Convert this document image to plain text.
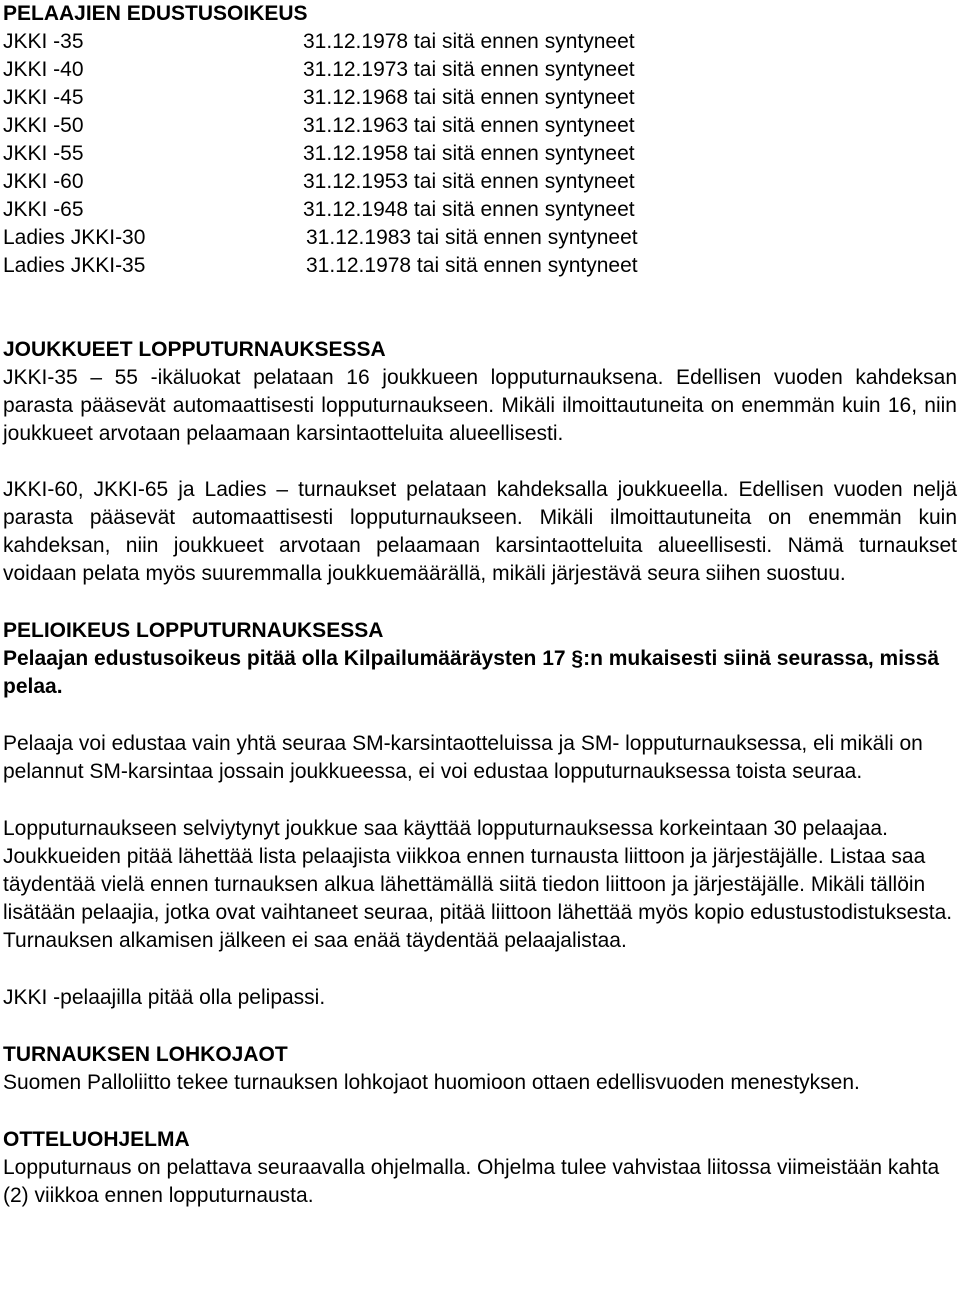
PELAAJIEN EDUSTUSOIKEUS
JKKI -35	31.12.1978 tai sitä ennen syntyneet
JKKI -40	31.12.1973 tai sitä ennen syntyneet
JKKI -45	31.12.1968 tai sitä ennen syntyneet
JKKI -50	31.12.1963 tai sitä ennen syntyneet
JKKI -55	31.12.1958 tai sitä ennen syntyneet
JKKI -60	31.12.1953 tai sitä ennen syntyneet
JKKI -65	31.12.1948 tai sitä ennen syntyneet
Ladies JKKI-30	31.12.1983 tai sitä ennen syntyneet
Ladies JKKI-35	31.12.1978 tai sitä ennen syntyneet
JOUKKUEET LOPPUTURNAUKSESSA

JKKI-35 – 55 -ikäluokat pelataan 16 joukkueen lopputurnauksena. Edellisen vuoden kahdeksan parasta pääsevät automaattisesti lopputurnaukseen. Mikäli ilmoittautuneita on enemmän kuin 16, niin joukkueet arvotaan pelaamaan karsintaotteluita alueellisesti.

JKKI-60, JKKI-65 ja Ladies – turnaukset pelataan kahdeksalla joukkueella. Edellisen vuoden neljä parasta pääsevät automaattisesti lopputurnaukseen. Mikäli ilmoittautuneita on enemmän kuin kahdeksan, niin joukkueet arvotaan pelaamaan karsintaotteluita alueellisesti. Nämä turnaukset voidaan pelata myös suuremmalla joukkuemäärällä, mikäli järjestävä seura siihen suostuu.

PELIOIKEUS LOPPUTURNAUKSESSA

Pelaajan edustusoikeus pitää olla Kilpailumääräysten 17 §:n mukaisesti siinä seurassa, missä pelaa.

Pelaaja voi edustaa vain yhtä seuraa SM-karsintaotteluissa ja SM- lopputurnauksessa, eli mikäli on pelannut SM-karsintaa jossain joukkueessa, ei voi edustaa lopputurnauksessa toista seuraa.

Lopputurnaukseen selviytynyt joukkue saa käyttää lopputurnauksessa korkeintaan 30 pelaajaa. Joukkueiden pitää lähettää lista pelaajista viikkoa ennen turnausta liittoon ja järjestäjälle. Listaa saa täydentää vielä ennen turnauksen alkua lähettämällä siitä tiedon liittoon ja järjestäjälle. Mikäli tällöin lisätään pelaajia, jotka ovat vaihtaneet seuraa, pitää liittoon lähettää myös kopio edustustodistuksesta. Turnauksen alkamisen jälkeen ei saa enää täydentää pelaajalistaa.

JKKI -pelaajilla pitää olla pelipassi.

TURNAUKSEN LOHKOJAOT

Suomen Palloliitto tekee turnauksen lohkojaot huomioon ottaen edellisvuoden menestyksen.

OTTELUOHJELMA

Lopputurnaus on pelattava seuraavalla ohjelmalla. Ohjelma tulee vahvistaa liitossa viimeistään kahta (2) viikkoa ennen lopputurnausta.
